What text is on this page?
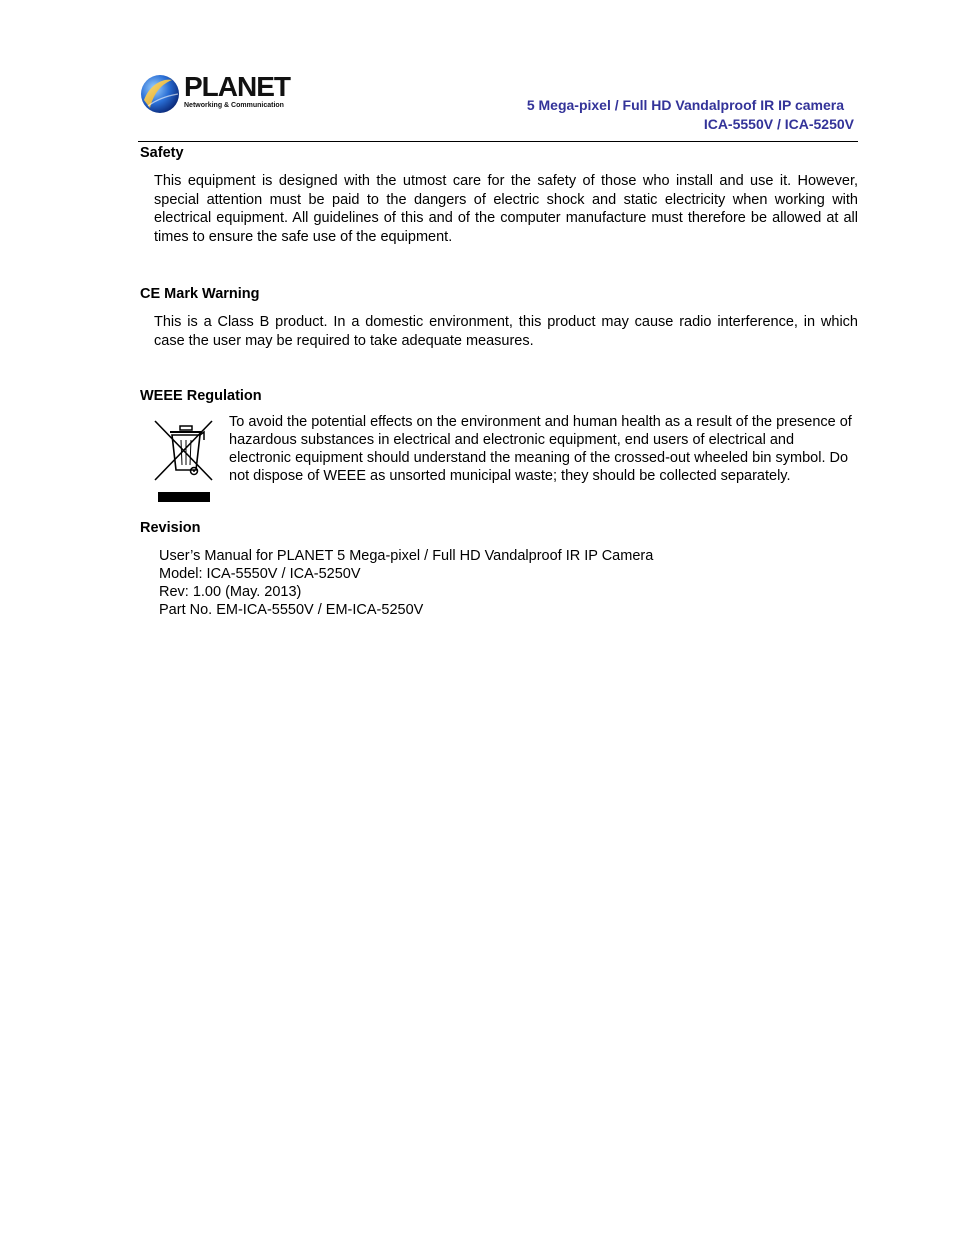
PLANET
Networking & Communication	5 Mega-pixel / Full HD Vandalproof IR IP camera
ICA-5550V / ICA-5250V
Safety

This equipment is designed with the utmost care for the safety of those who install and use it. However, special attention must be paid to the dangers of electric shock and static electricity when working with electrical equipment. All guidelines of this and of the computer manufacture must therefore be allowed at all times to ensure the safe use of the equipment.

CE Mark Warning

This is a Class B product. In a domestic environment, this product may cause radio interference, in which case the user may be required to take adequate measures.

WEEE Regulation

To avoid the potential effects on the environment and human health as a result of the presence of hazardous substances in electrical and electronic equipment, end users of electrical and electronic equipment should understand the meaning of the crossed-out wheeled bin symbol. Do not dispose of WEEE as unsorted municipal waste; they should be collected separately.

Revision
User’s Manual for PLANET 5 Mega-pixel / Full HD Vandalproof IR IP Camera
Model: ICA-5550V / ICA-5250V
Rev: 1.00 (May. 2013)
Part No. EM-ICA-5550V / EM-ICA-5250V
